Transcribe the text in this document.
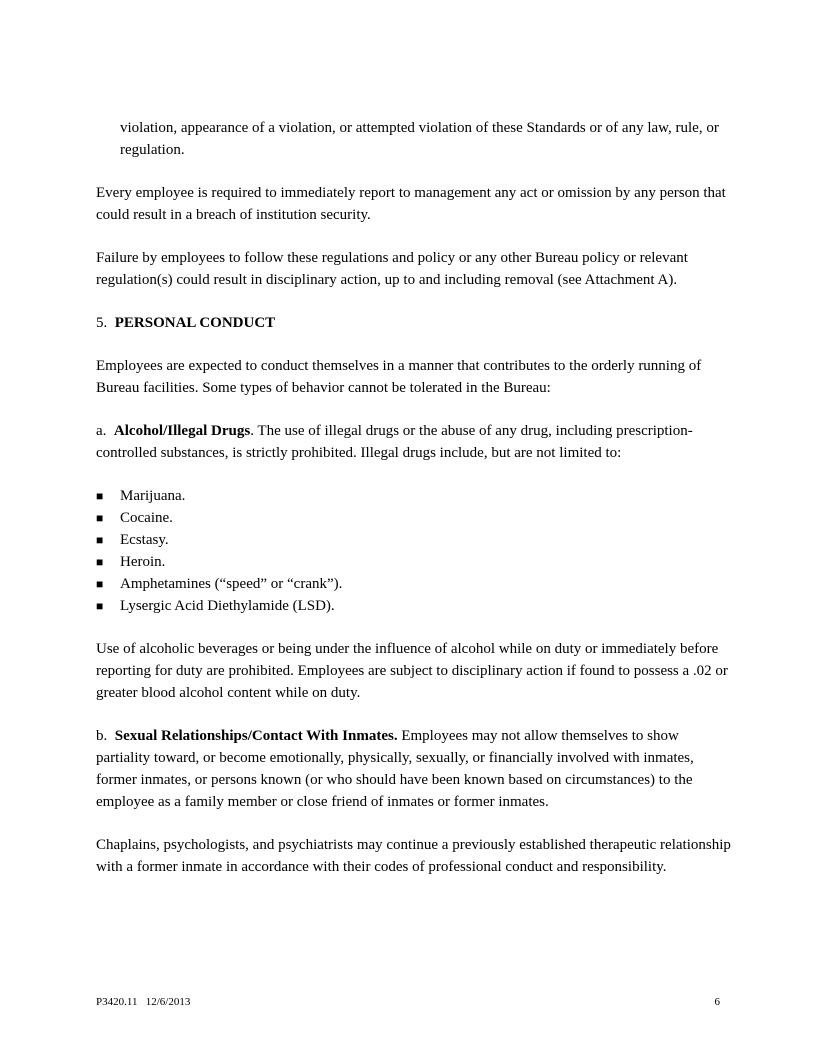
violation, appearance of a violation, or attempted violation of these Standards or of any law, rule, or regulation.

Every employee is required to immediately report to management any act or omission by any person that could result in a breach of institution security.

Failure by employees to follow these regulations and policy or any other Bureau policy or relevant regulation(s) could result in disciplinary action, up to and including removal (see Attachment A).

5. PERSONAL CONDUCT

Employees are expected to conduct themselves in a manner that contributes to the orderly running of Bureau facilities. Some types of behavior cannot be tolerated in the Bureau:

a. Alcohol/Illegal Drugs. The use of illegal drugs or the abuse of any drug, including prescription-controlled substances, is strictly prohibited. Illegal drugs include, but are not limited to:

■	Marijuana.
■	Cocaine.
■	Ecstasy.
■	Heroin.
■	Amphetamines (“speed” or “crank”).
■	Lysergic Acid Diethylamide (LSD).

Use of alcoholic beverages or being under the influence of alcohol while on duty or immediately before reporting for duty are prohibited. Employees are subject to disciplinary action if found to possess a .02 or greater blood alcohol content while on duty.

b. Sexual Relationships/Contact With Inmates. Employees may not allow themselves to show partiality toward, or become emotionally, physically, sexually, or financially involved with inmates, former inmates, or persons known (or who should have been known based on circumstances) to the employee as a family member or close friend of inmates or former inmates.

Chaplains, psychologists, and psychiatrists may continue a previously established therapeutic relationship with a former inmate in accordance with their codes of professional conduct and responsibility.

P3420.11   12/6/2013	6
